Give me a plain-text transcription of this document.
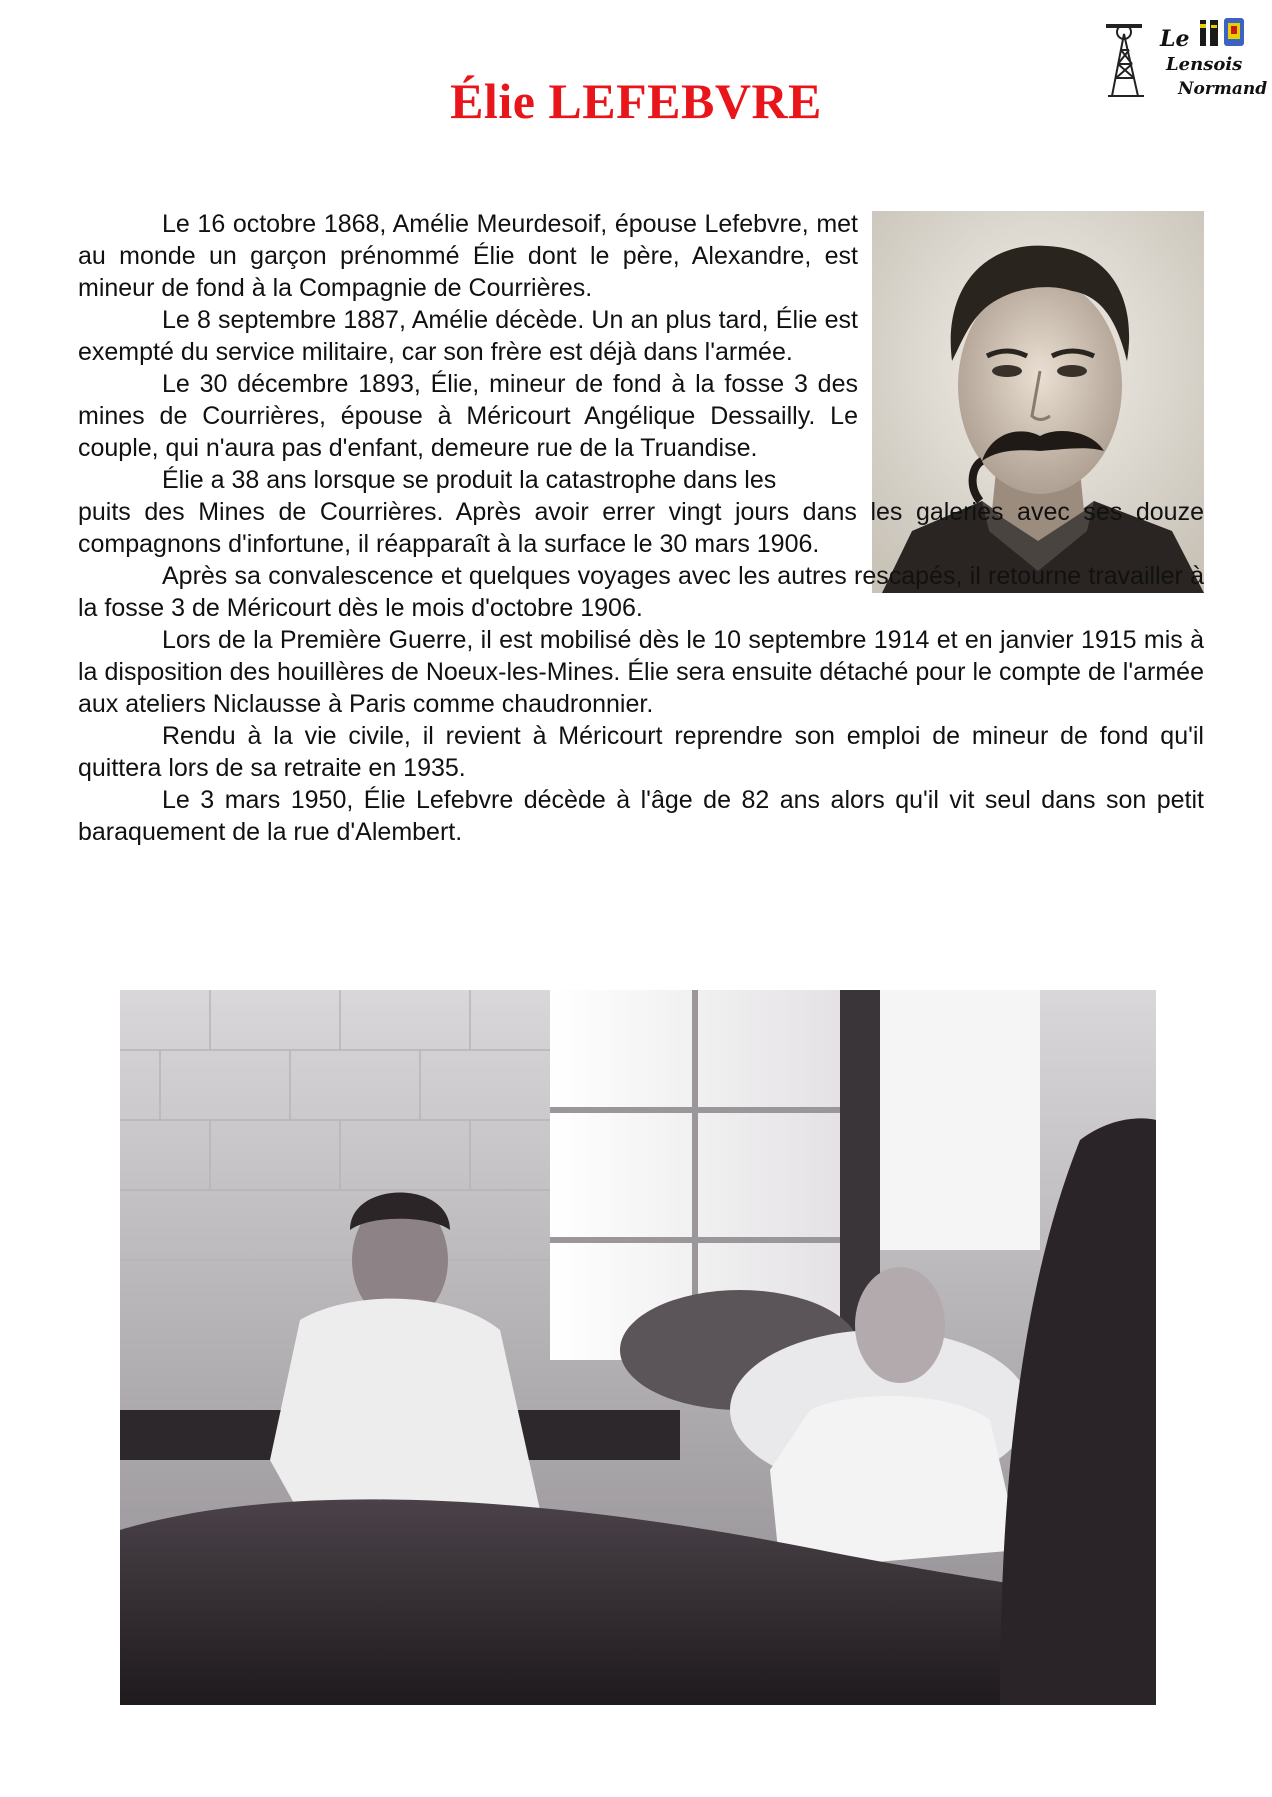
Le
Lensois
Normand
Élie LEFEBVRE

Le 16 octobre 1868, Amélie Meurdesoif, épouse Lefebvre, met au monde un garçon prénommé Élie dont le père, Alexandre, est mineur de fond à la Compagnie de Courrières.

Le 8 septembre 1887, Amélie décède. Un an plus tard, Élie est exempté du service militaire, car son frère est déjà dans l'armée.

Le 30 décembre 1893, Élie, mineur de fond à la fosse 3 des mines de Courrières, épouse à Méricourt Angélique Dessailly. Le couple, qui n'aura pas d'enfant, demeure rue de la Truandise.

Élie a 38 ans lorsque se produit la catastrophe dans les

puits des Mines de Courrières. Après avoir errer vingt jours dans les galeries avec ses douze compagnons d'infortune, il réapparaît à la surface le 30 mars 1906.

Après sa convalescence et quelques voyages avec les autres rescapés, il retourne travailler à la fosse 3 de Méricourt dès le mois d'octobre 1906.

Lors de la Première Guerre, il est mobilisé dès le 10 septembre 1914 et en janvier 1915 mis à la disposition des houillères de Noeux-les-Mines. Élie sera ensuite détaché pour le compte de l'armée aux ateliers Niclausse à Paris comme chaudronnier.

Rendu à la vie civile, il revient à Méricourt reprendre son emploi de mineur de fond qu'il quittera lors de sa retraite en 1935.

Le 3 mars 1950, Élie Lefebvre décède à l'âge de 82 ans alors qu'il vit seul dans son petit baraquement de la rue d'Alembert.
